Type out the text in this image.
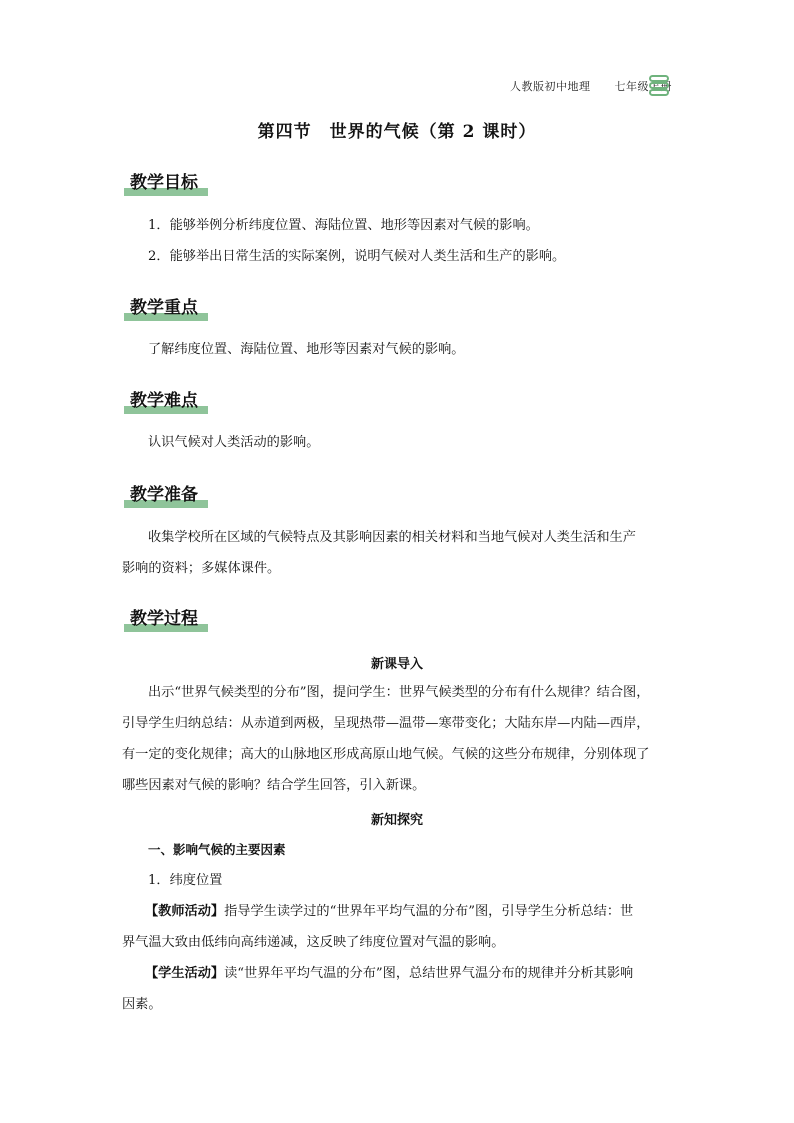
人教版初中地理 七年级上册
第四节　世界的气候（第 2 课时）
教学目标
1．能够举例分析纬度位置、海陆位置、地形等因素对气候的影响。
2．能够举出日常生活的实际案例，说明气候对人类生活和生产的影响。
教学重点
了解纬度位置、海陆位置、地形等因素对气候的影响。
教学难点
认识气候对人类活动的影响。
教学准备
收集学校所在区域的气候特点及其影响因素的相关材料和当地气候对人类生活和生产
影响的资料；多媒体课件。
教学过程
新课导入
出示“世界气候类型的分布”图，提问学生：世界气候类型的分布有什么规律？结合图，
引导学生归纳总结：从赤道到两极，呈现热带—温带—寒带变化；大陆东岸—内陆—西岸，
有一定的变化规律；高大的山脉地区形成高原山地气候。气候的这些分布规律，分别体现了
哪些因素对气候的影响？结合学生回答，引入新课。
新知探究
一、影响气候的主要因素
1．纬度位置
【教师活动】指导学生读学过的“世界年平均气温的分布”图，引导学生分析总结：世
界气温大致由低纬向高纬递减，这反映了纬度位置对气温的影响。
【学生活动】读“世界年平均气温的分布”图，总结世界气温分布的规律并分析其影响
因素。
